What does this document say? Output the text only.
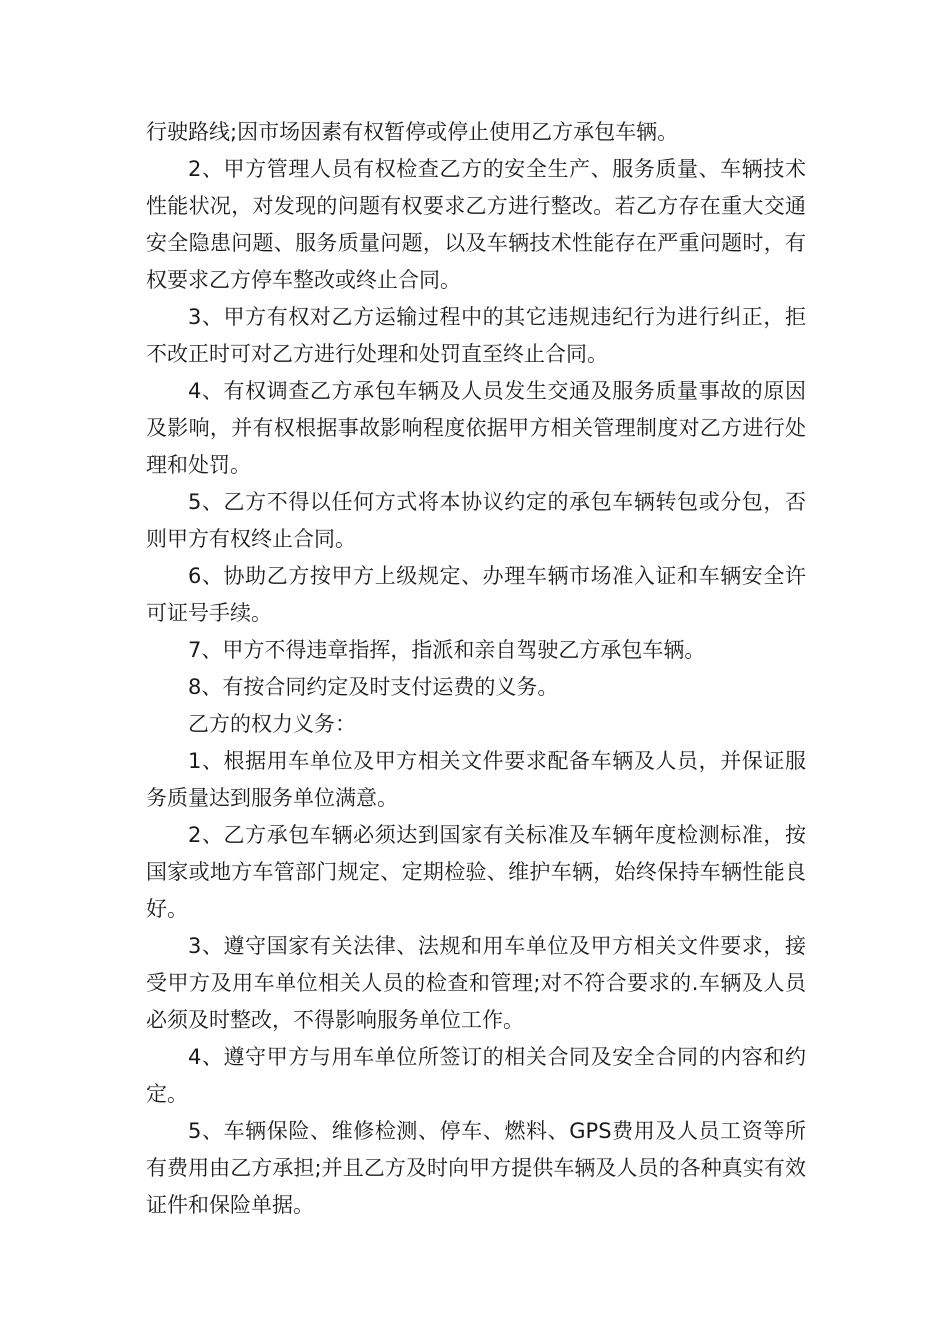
行驶路线;因市场因素有权暂停或停止使用乙方承包车辆。

2、甲方管理人员有权检查乙方的安全生产、服务质量、车辆技术性能状况，对发现的问题有权要求乙方进行整改。若乙方存在重大交通安全隐患问题、服务质量问题，以及车辆技术性能存在严重问题时，有权要求乙方停车整改或终止合同。

3、甲方有权对乙方运输过程中的其它违规违纪行为进行纠正，拒不改正时可对乙方进行处理和处罚直至终止合同。

4、有权调查乙方承包车辆及人员发生交通及服务质量事故的原因及影响，并有权根据事故影响程度依据甲方相关管理制度对乙方进行处理和处罚。

5、乙方不得以任何方式将本协议约定的承包车辆转包或分包，否则甲方有权终止合同。

6、协助乙方按甲方上级规定、办理车辆市场准入证和车辆安全许可证号手续。

7、甲方不得违章指挥，指派和亲自驾驶乙方承包车辆。

8、有按合同约定及时支付运费的义务。

乙方的权力义务：

1、根据用车单位及甲方相关文件要求配备车辆及人员，并保证服务质量达到服务单位满意。

2、乙方承包车辆必须达到国家有关标准及车辆年度检测标准，按国家或地方车管部门规定、定期检验、维护车辆，始终保持车辆性能良好。

3、遵守国家有关法律、法规和用车单位及甲方相关文件要求，接受甲方及用车单位相关人员的检查和管理;对不符合要求的.车辆及人员必须及时整改，不得影响服务单位工作。

4、遵守甲方与用车单位所签订的相关合同及安全合同的内容和约定。

5、车辆保险、维修检测、停车、燃料、GPS费用及人员工资等所有费用由乙方承担;并且乙方及时向甲方提供车辆及人员的各种真实有效证件和保险单据。
